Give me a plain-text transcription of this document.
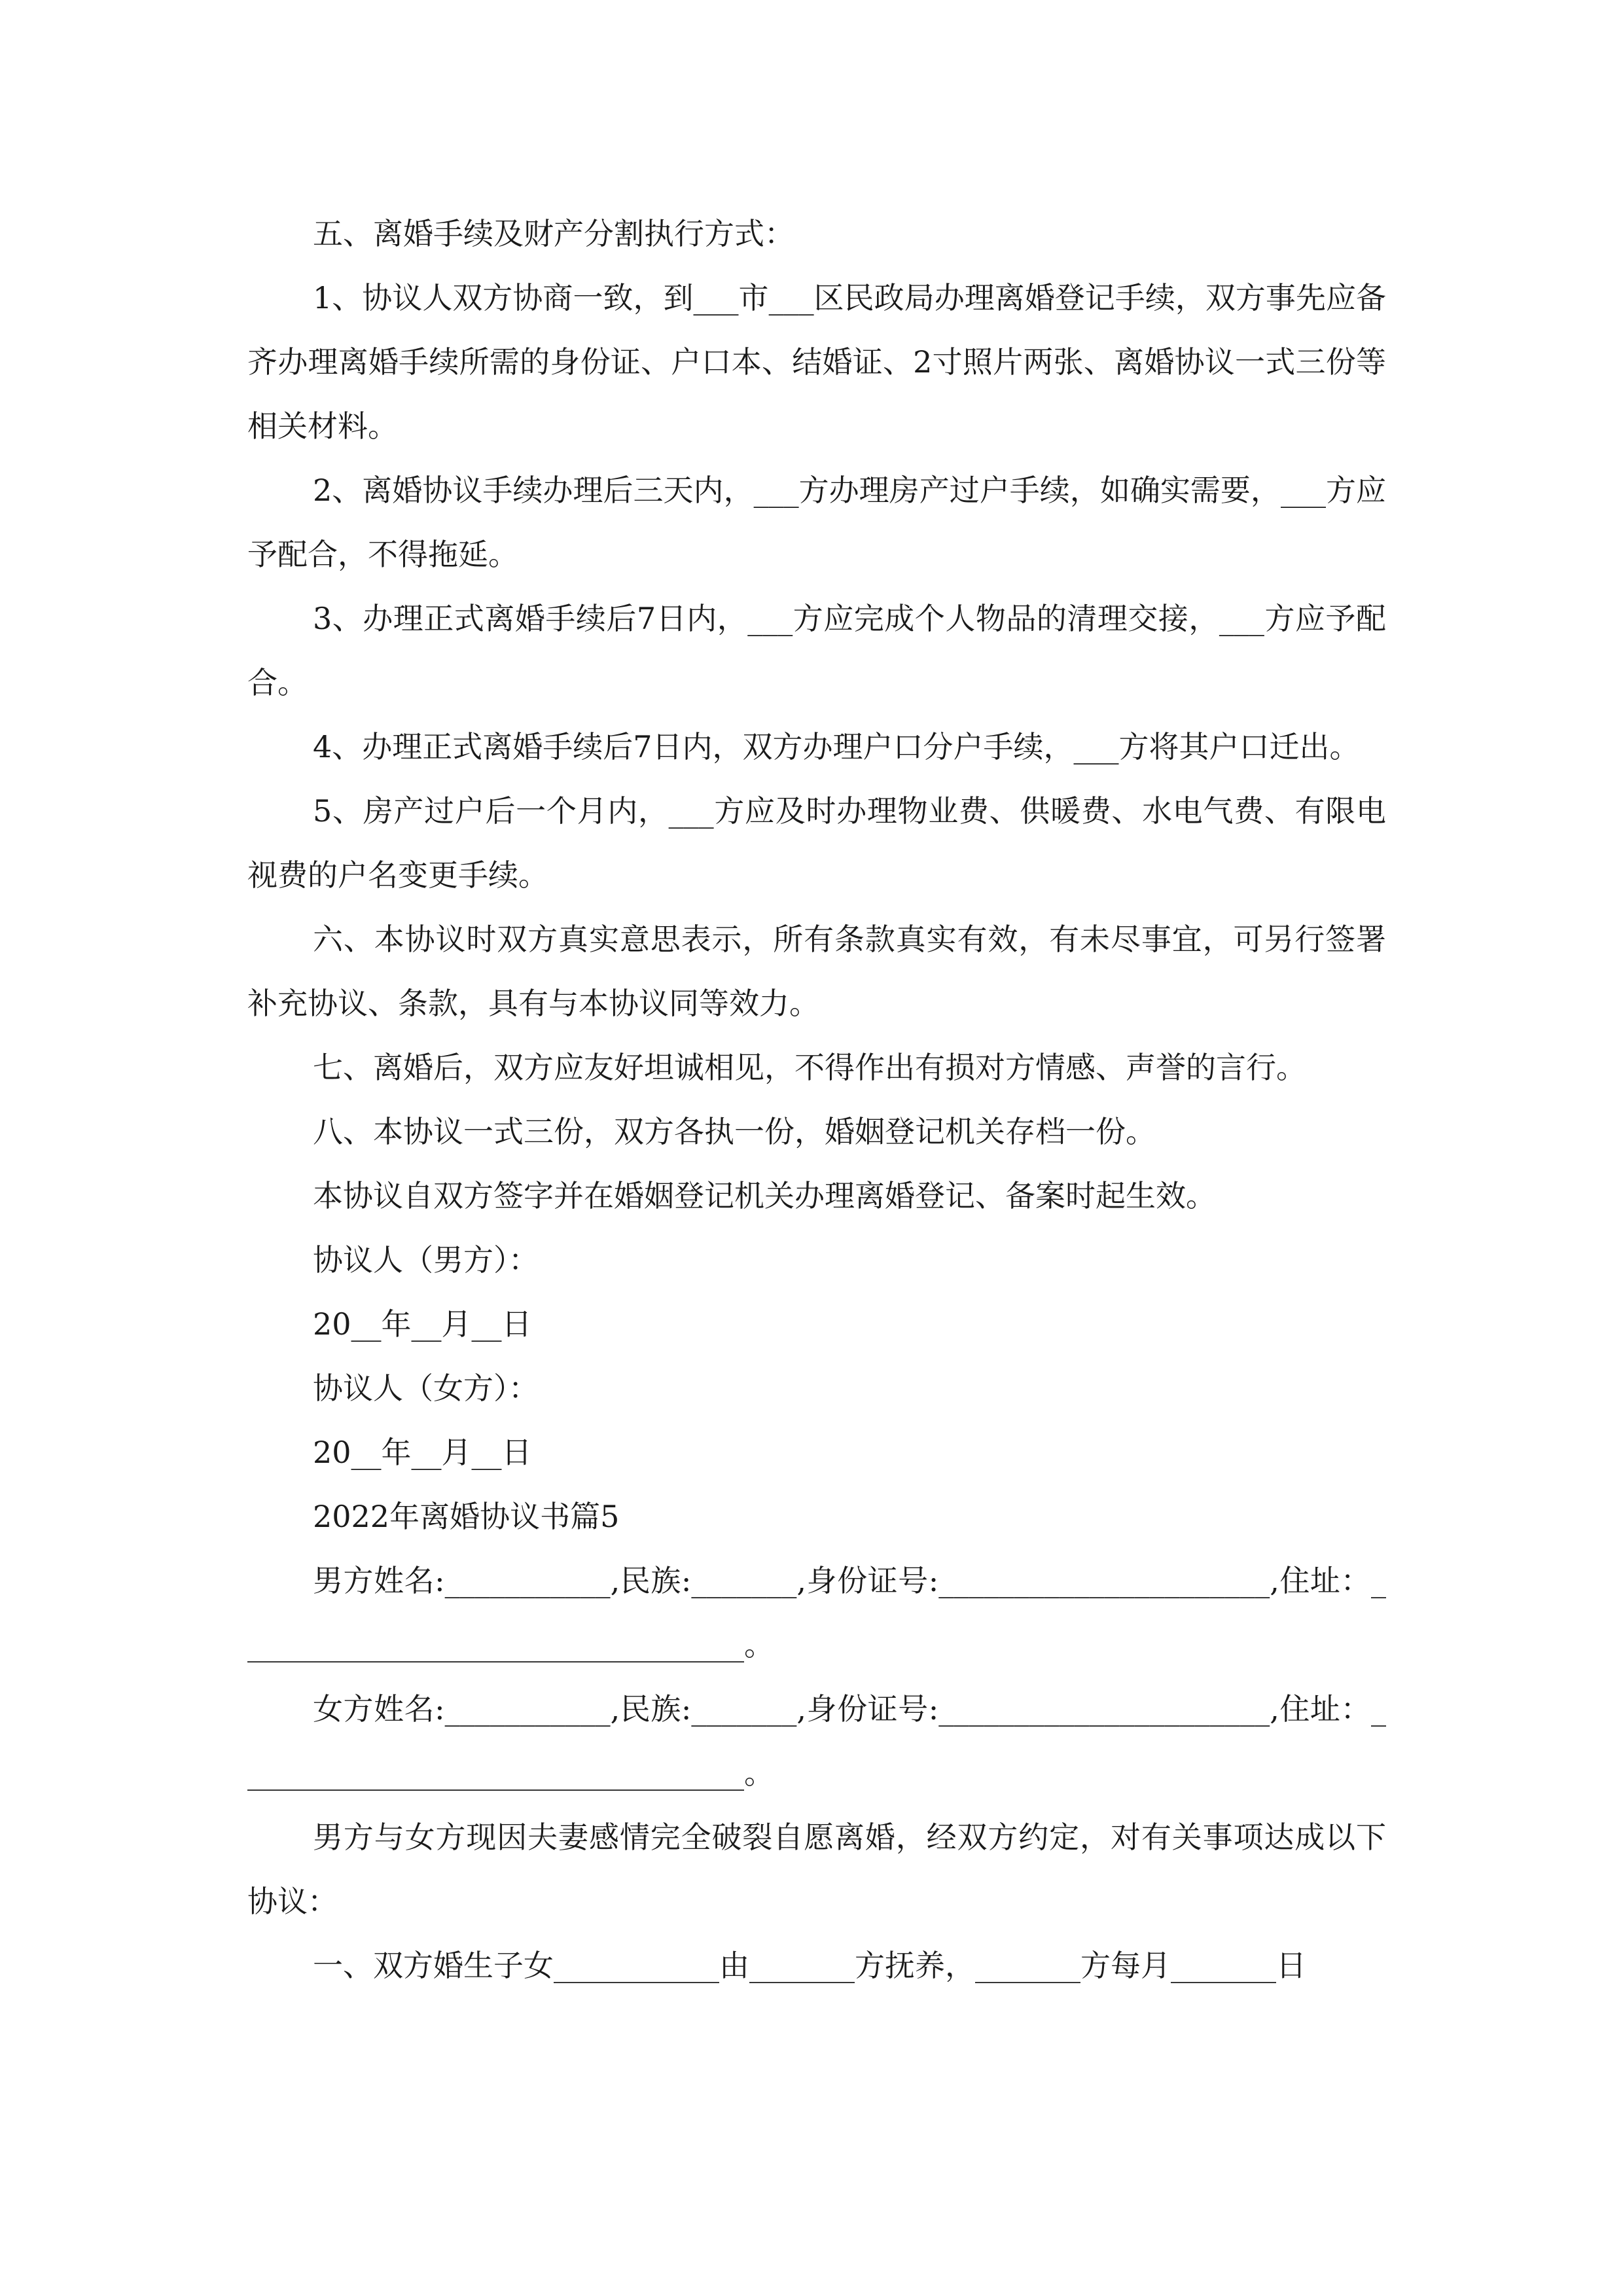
五、离婚手续及财产分割执行方式：

1、协议人双方协商一致，到___市___区民政局办理离婚登记手续，双方事先应备齐办理离婚手续所需的身份证、户口本、结婚证、2寸照片两张、离婚协议一式三份等相关材料。

2、离婚协议手续办理后三天内，___方办理房产过户手续，如确实需要，___方应予配合，不得拖延。

3、办理正式离婚手续后7日内，___方应完成个人物品的清理交接，___方应予配合。

4、办理正式离婚手续后7日内，双方办理户口分户手续，___方将其户口迁出。

5、房产过户后一个月内，___方应及时办理物业费、供暖费、水电气费、有限电视费的户名变更手续。

六、本协议时双方真实意思表示，所有条款真实有效，有未尽事宜，可另行签署补充协议、条款，具有与本协议同等效力。

七、离婚后，双方应友好坦诚相见，不得作出有损对方情感、声誉的言行。

八、本协议一式三份，双方各执一份，婚姻登记机关存档一份。

本协议自双方签字并在婚姻登记机关办理离婚登记、备案时起生效。

协议人（男方）：

20__年__月__日

协议人（女方）：

20__年__月__日

2022年离婚协议书篇5

男方姓名:___________,民族:_______,身份证号:______________________,住址：__________________________________。

女方姓名:___________,民族:_______,身份证号:______________________,住址：__________________________________。

男方与女方现因夫妻感情完全破裂自愿离婚，经双方约定，对有关事项达成以下协议：

一、双方婚生子女___________由_______方抚养，_______方每月_______日
